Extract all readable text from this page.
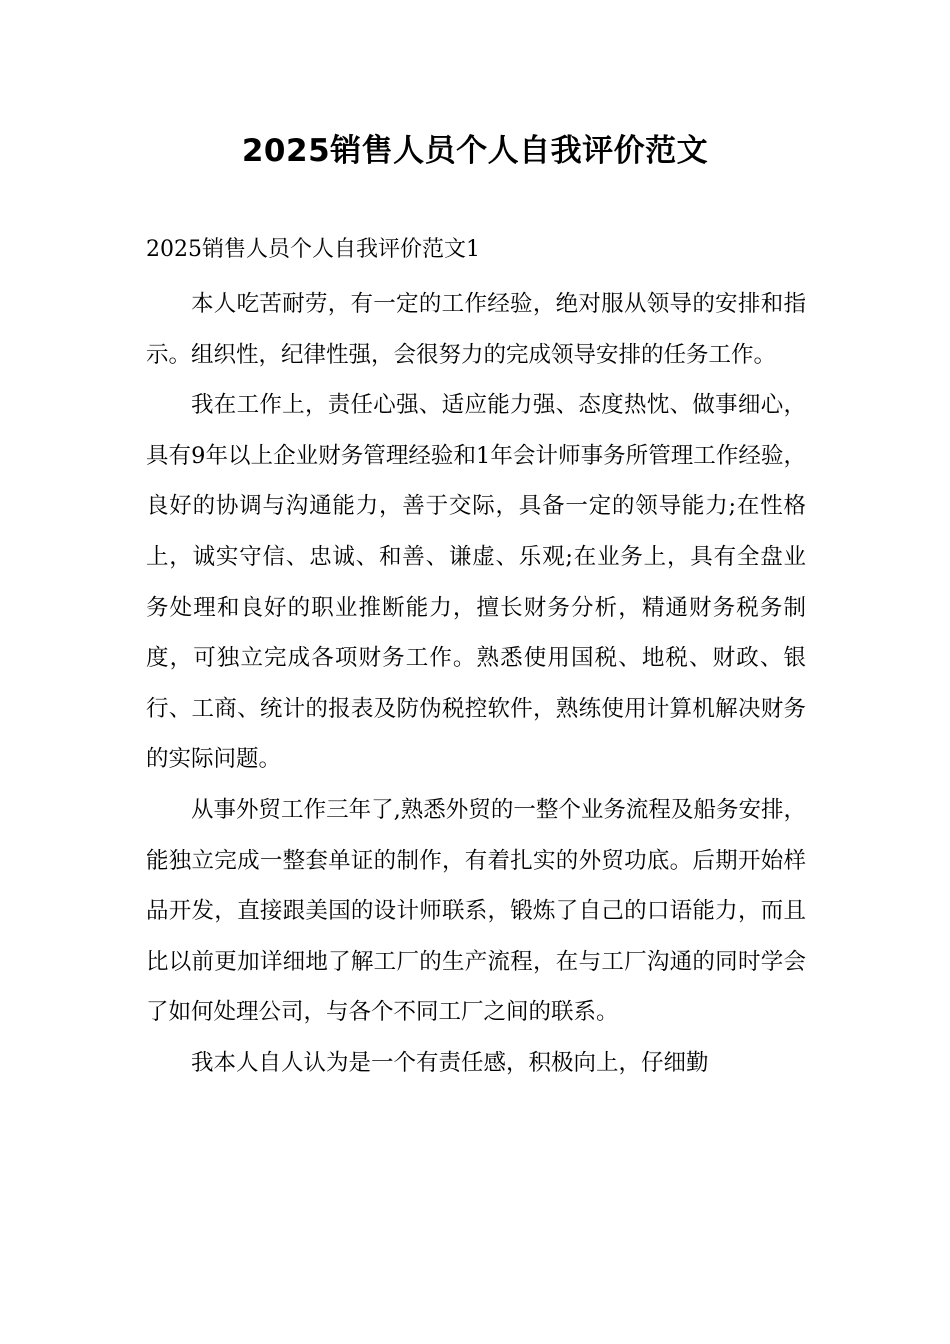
2025销售人员个人自我评价范文
2025销售人员个人自我评价范文1

本人吃苦耐劳，有一定的工作经验，绝对服从领导的安排和指示。组织性，纪律性强，会很努力的完成领导安排的任务工作。

我在工作上，责任心强、适应能力强、态度热忱、做事细心，具有9年以上企业财务管理经验和1年会计师事务所管理工作经验，良好的协调与沟通能力，善于交际，具备一定的领导能力;在性格上，诚实守信、忠诚、和善、谦虚、乐观;在业务上，具有全盘业务处理和良好的职业推断能力，擅长财务分析，精通财务税务制度，可独立完成各项财务工作。熟悉使用国税、地税、财政、银行、工商、统计的报表及防伪税控软件，熟练使用计算机解决财务的实际问题。

从事外贸工作三年了,熟悉外贸的一整个业务流程及船务安排，能独立完成一整套单证的制作，有着扎实的外贸功底。后期开始样品开发，直接跟美国的设计师联系，锻炼了自己的口语能力，而且比以前更加详细地了解工厂的生产流程，在与工厂沟通的同时学会了如何处理公司，与各个不同工厂之间的联系。

我本人自人认为是一个有责任感，积极向上，仔细勤
